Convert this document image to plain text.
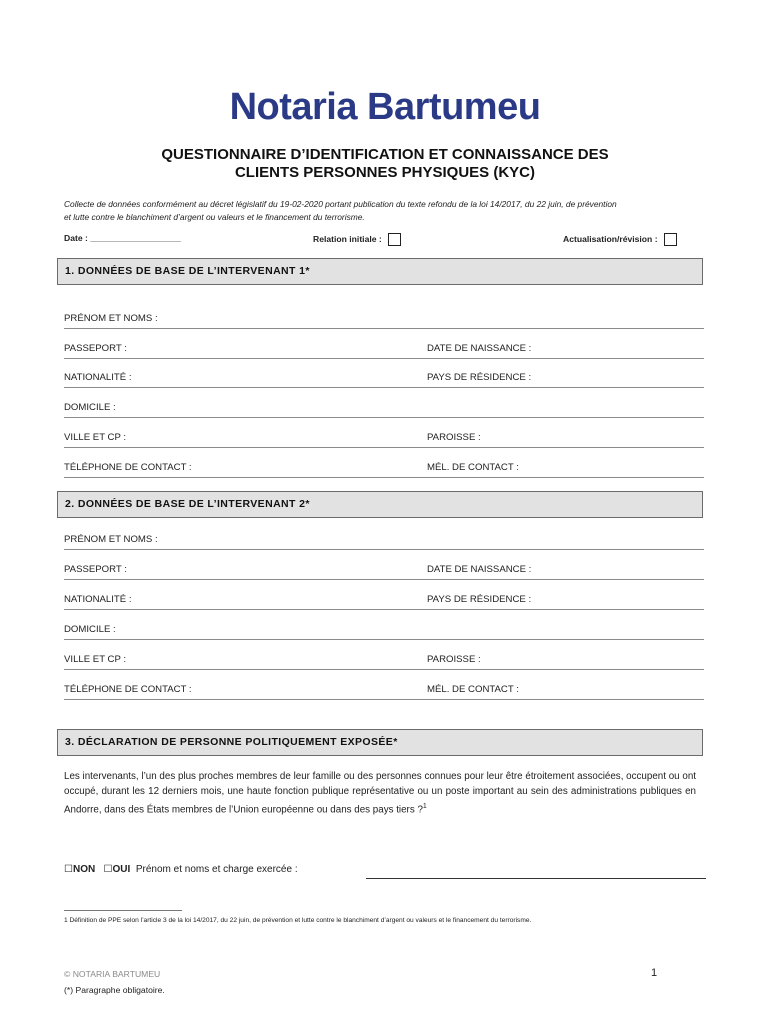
Notaria Bartumeu
QUESTIONNAIRE D’IDENTIFICATION ET CONNAISSANCE DES
CLIENTS PERSONNES PHYSIQUES (KYC)
Collecte de données conformément au décret législatif du 19-02-2020 portant publication du texte refondu de la loi 14/2017, du 22 juin, de prévention
et lutte contre le blanchiment d’argent ou valeurs et le financement du terrorisme.
Date : ___________________	Relation initiale :	Actualisation/révision :
1. DONNÉES DE BASE DE L’INTERVENANT 1*
PRÉNOM ET NOMS :
PASSEPORT :	DATE DE NAISSANCE :
NATIONALITÉ :	PAYS DE RÉSIDENCE :
DOMICILE :
VILLE ET CP :	PAROISSE :
TÉLÉPHONE DE CONTACT :	MÉL. DE CONTACT :
2. DONNÉES DE BASE DE L’INTERVENANT 2*
PRÉNOM ET NOMS :
PASSEPORT :	DATE DE NAISSANCE :
NATIONALITÉ :	PAYS DE RÉSIDENCE :
DOMICILE :
VILLE ET CP :	PAROISSE :
TÉLÉPHONE DE CONTACT :	MÉL. DE CONTACT :
3. DÉCLARATION DE PERSONNE POLITIQUEMENT EXPOSÉE*
Les intervenants, l’un des plus proches membres de leur famille ou des personnes connues pour leur être étroitement associées, occupent ou ont occupé, durant les 12 derniers mois, une haute fonction publique représentative ou un poste important au sein des administrations publiques en Andorre, dans des États membres de l’Union européenne ou dans des pays tiers ?$^1$
☐NON ☐OUI Prénom et noms et charge exercée :
1 Définition de PPE selon l’article 3 de la loi 14/2017, du 22 juin, de prévention et lutte contre le blanchiment d’argent ou valeurs et le financement du terrorisme.
© NOTARIA BARTUMEU
(*) Paragraphe obligatoire.
1
